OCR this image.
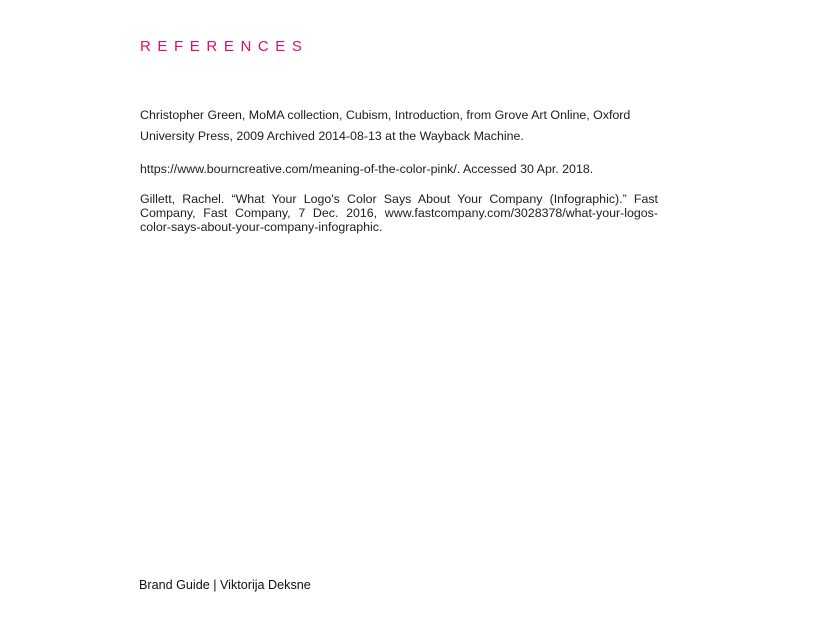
REFERENCES

Christopher Green, MoMA collection, Cubism, Introduction, from Grove Art Online, Oxford University Press, 2009 Archived 2014-08-13 at the Wayback Machine.

https://www.bourncreative.com/meaning-of-the-color-pink/. Accessed 30 Apr. 2018.

Gillett, Rachel. “What Your Logo's Color Says About Your Company (Infographic).” Fast Company, Fast Company, 7 Dec. 2016, www.fastcompany.com/3028378/what-your-logos-color-says-about-your-company-infographic.

Brand Guide | Viktorija Deksne
